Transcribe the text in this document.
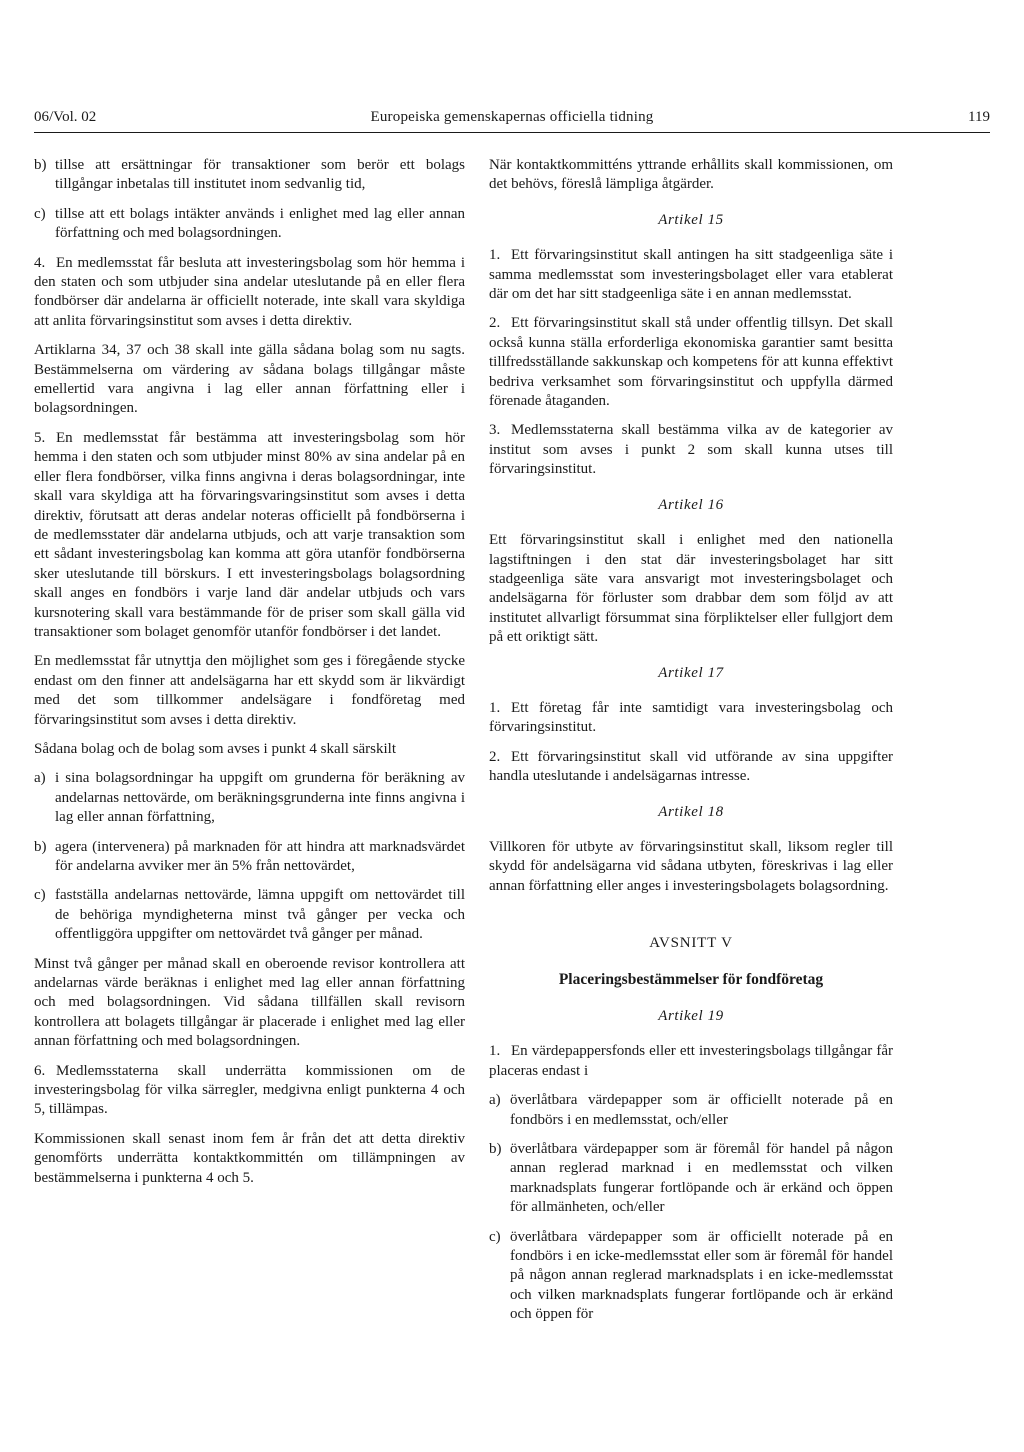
06/Vol. 02	Europeiska gemenskapernas officiella tidning	119
b) tillse att ersättningar för transaktioner som berör ett bolags tillgångar inbetalas till institutet inom sedvanlig tid,
c) tillse att ett bolags intäkter används i enlighet med lag eller annan författning och med bolagsordningen.

4. En medlemsstat får besluta att investeringsbolag som hör hemma i den staten och som utbjuder sina andelar uteslutande på en eller flera fondbörser där andelarna är officiellt noterade, inte skall vara skyldiga att anlita förvaringsinstitut som avses i detta direktiv.

Artiklarna 34, 37 och 38 skall inte gälla sådana bolag som nu sagts. Bestämmelserna om värdering av sådana bolags tillgångar måste emellertid vara angivna i lag eller annan författning eller i bolagsordningen.

5. En medlemsstat får bestämma att investeringsbolag som hör hemma i den staten och som utbjuder minst 80% av sina andelar på en eller flera fondbörser, vilka finns angivna i deras bolagsordningar, inte skall vara skyldiga att ha förvaringsvaringsinstitut som avses i detta direktiv, förutsatt att deras andelar noteras officiellt på fondbörserna i de medlemsstater där andelarna utbjuds, och att varje transaktion som ett sådant investeringsbolag kan komma att göra utanför fondbörserna sker uteslutande till börskurs. I ett investeringsbolags bolagsordning skall anges en fondbörs i varje land där andelar utbjuds och vars kursnotering skall vara bestämmande för de priser som skall gälla vid transaktioner som bolaget genomför utanför fondbörser i det landet.

En medlemsstat får utnyttja den möjlighet som ges i föregående stycke endast om den finner att andelsägarna har ett skydd som är likvärdigt med det som tillkommer andelsägare i fondföretag med förvaringsinstitut som avses i detta direktiv.

Sådana bolag och de bolag som avses i punkt 4 skall särskilt

a) i sina bolagsordningar ha uppgift om grunderna för beräkning av andelarnas nettovärde, om beräkningsgrunderna inte finns angivna i lag eller annan författning,
b) agera (intervenera) på marknaden för att hindra att marknadsvärdet för andelarna avviker mer än 5% från nettovärdet,
c) fastställa andelarnas nettovärde, lämna uppgift om nettovärdet till de behöriga myndigheterna minst två gånger per vecka och offentliggöra uppgifter om nettovärdet två gånger per månad.

Minst två gånger per månad skall en oberoende revisor kontrollera att andelarnas värde beräknas i enlighet med lag eller annan författning och med bolagsordningen. Vid sådana tillfällen skall revisorn kontrollera att bolagets tillgångar är placerade i enlighet med lag eller annan författning och med bolagsordningen.

6. Medlemsstaterna skall underrätta kommissionen om de investeringsbolag för vilka särregler, medgivna enligt punkterna 4 och 5, tillämpas.

Kommissionen skall senast inom fem år från det att detta direktiv genomförts underrätta kontaktkommittén om tillämpningen av bestämmelserna i punkterna 4 och 5.

När kontaktkommitténs yttrande erhållits skall kommissionen, om det behövs, föreslå lämpliga åtgärder.

Artikel 15

1. Ett förvaringsinstitut skall antingen ha sitt stadgeenliga säte i samma medlemsstat som investeringsbolaget eller vara etablerat där om det har sitt stadgeenliga säte i en annan medlemsstat.

2. Ett förvaringsinstitut skall stå under offentlig tillsyn. Det skall också kunna ställa erforderliga ekonomiska garantier samt besitta tillfredsställande sakkunskap och kompetens för att kunna effektivt bedriva verksamhet som förvaringsinstitut och uppfylla därmed förenade åtaganden.

3. Medlemsstaterna skall bestämma vilka av de kategorier av institut som avses i punkt 2 som skall kunna utses till förvaringsinstitut.

Artikel 16

Ett förvaringsinstitut skall i enlighet med den nationella lagstiftningen i den stat där investeringsbolaget har sitt stadgeenliga säte vara ansvarigt mot investeringsbolaget och andelsägarna för förluster som drabbar dem som följd av att institutet allvarligt försummat sina förpliktelser eller fullgjort dem på ett oriktigt sätt.

Artikel 17

1. Ett företag får inte samtidigt vara investeringsbolag och förvaringsinstitut.

2. Ett förvaringsinstitut skall vid utförande av sina uppgifter handla uteslutande i andelsägarnas intresse.

Artikel 18

Villkoren för utbyte av förvaringsinstitut skall, liksom regler till skydd för andelsägarna vid sådana utbyten, föreskrivas i lag eller annan författning eller anges i investeringsbolagets bolagsordning.

AVSNITT V
Placeringsbestämmelser för fondföretag
Artikel 19

1. En värdepappersfonds eller ett investeringsbolags tillgångar får placeras endast i

a) överlåtbara värdepapper som är officiellt noterade på en fondbörs i en medlemsstat, och/eller
b) överlåtbara värdepapper som är föremål för handel på någon annan reglerad marknad i en medlemsstat och vilken marknadsplats fungerar fortlöpande och är erkänd och öppen för allmänheten, och/eller
c) överlåtbara värdepapper som är officiellt noterade på en fondbörs i en icke-medlemsstat eller som är föremål för handel på någon annan reglerad marknadsplats i en icke-medlemsstat och vilken marknadsplats fungerar fortlöpande och är erkänd och öppen för
